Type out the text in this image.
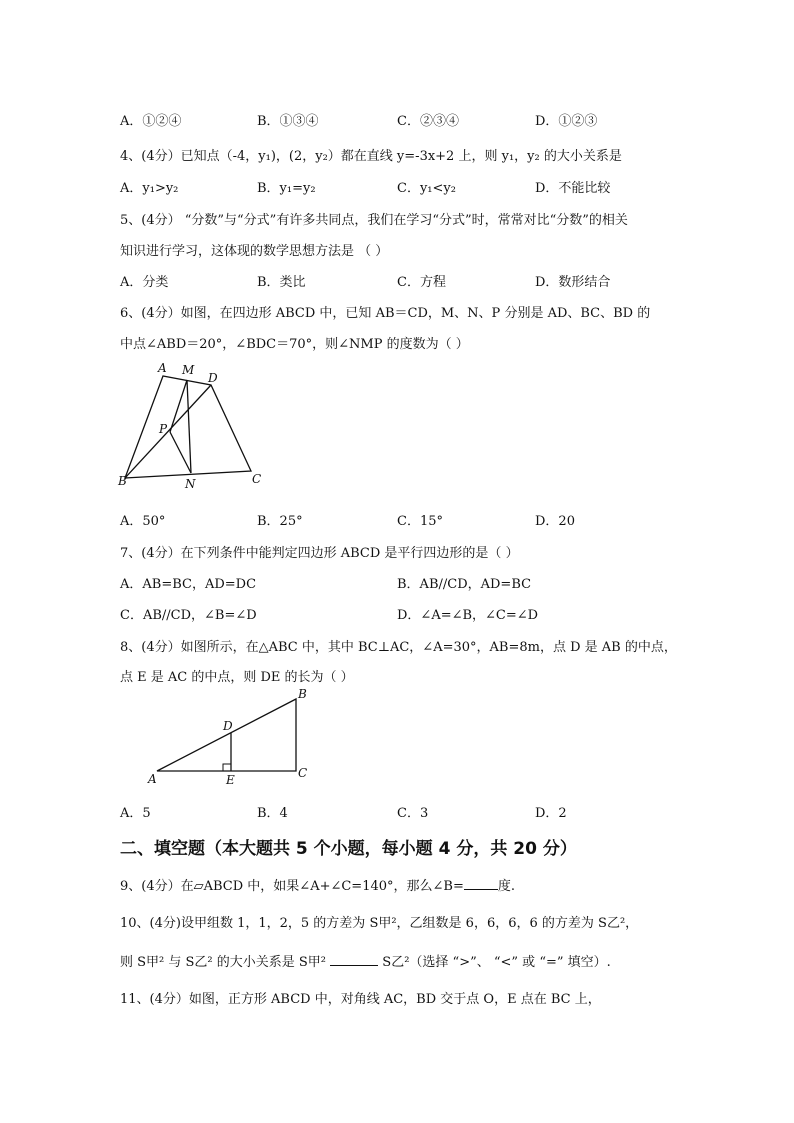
A．①②④	B．①③④	C．②③④	D．①②③
4、(4分）已知点（-4，y₁)，(2，y₂）都在直线 y=-3x+2 上，则 y₁，y₂ 的大小关系是
A．y₁>y₂	B．y₁=y₂	C．y₁<y₂	D．不能比较
5、(4分） “分数”与“分式”有许多共同点，我们在学习“分式”时，常常对比“分数”的相关
知识进行学习，这体现的数学思想方法是 （ ）
A．分类	B．类比	C．方程	D．数形结合
6、(4分）如图，在四边形 ABCD 中，已知 AB＝CD，M、N、P 分别是 AD、BC、BD 的
中点∠ABD＝20°，∠BDC＝70°，则∠NMP 的度数为（ ）
A M
D
P
B	N	C
A．50°	B．25°	C．15°	D．20
7、(4分）在下列条件中能判定四边形 ABCD 是平行四边形的是（ ）
A．AB=BC，AD=DC	B．AB//CD，AD=BC
C．AB//CD，∠B=∠D	D．∠A=∠B，∠C=∠D
8、(4分）如图所示，在△ABC 中，其中 BC⊥AC，∠A=30°，AB=8m，点 D 是 AB 的中点，
点 E 是 AC 的中点，则 DE 的长为（ ）
B
D
A	E	C
A．5	B．4	C．3	D．2
二、填空题（本大题共 5 个小题，每小题 4 分，共 20 分）
9、(4分）在▱ABCD 中，如果∠A+∠C=140°，那么∠B=	度.
10、(4分)设甲组数 1，1，2，5 的方差为 S甲²，乙组数是 6，6，6，6 的方差为 S乙²，
则 S甲² 与 S乙² 的大小关系是 S甲²	S乙²（选择 “>”、 “<” 或 “=” 填空）.
11、(4分）如图，正方形 ABCD 中，对角线 AC，BD 交于点 O，E 点在 BC 上，
